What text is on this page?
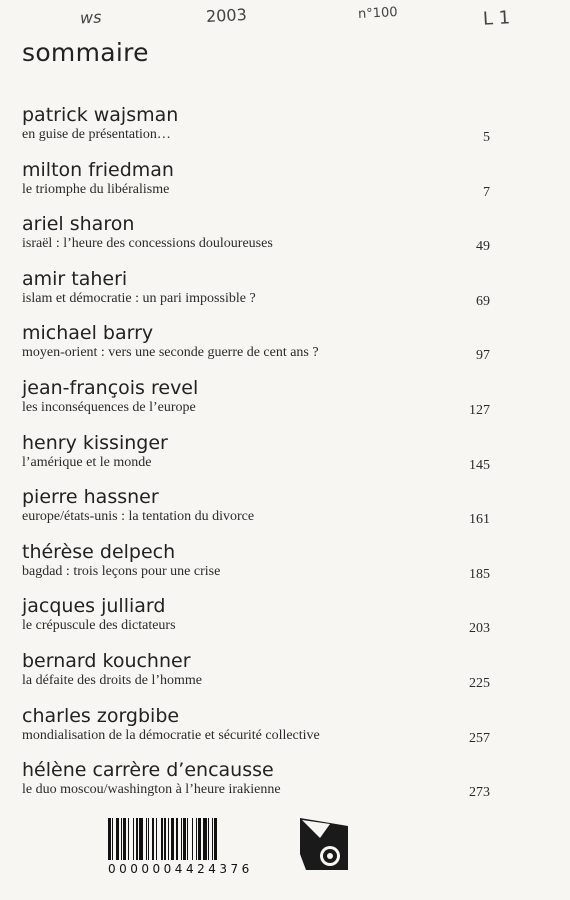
ws	2003	n°100	L 1
sommaire
patrick wajsman
en guise de présentation…	5
milton friedman
le triomphe du libéralisme	7
ariel sharon
israël : l’heure des concessions douloureuses	49
amir taheri
islam et démocratie : un pari impossible ?	69
michael barry
moyen-orient : vers une seconde guerre de cent ans ?	97
jean-françois revel
les inconséquences de l’europe	127
henry kissinger
l’amérique et le monde	145
pierre hassner
europe/états-unis : la tentation du divorce	161
thérèse delpech
bagdad : trois leçons pour une crise	185
jacques julliard
le crépuscule des dictateurs	203
bernard kouchner
la défaite des droits de l’homme	225
charles zorgbibe
mondialisation de la démocratie et sécurité collective	257
hélène carrère d’encausse
le duo moscou/washington à l’heure irakienne	273
0000004424376
